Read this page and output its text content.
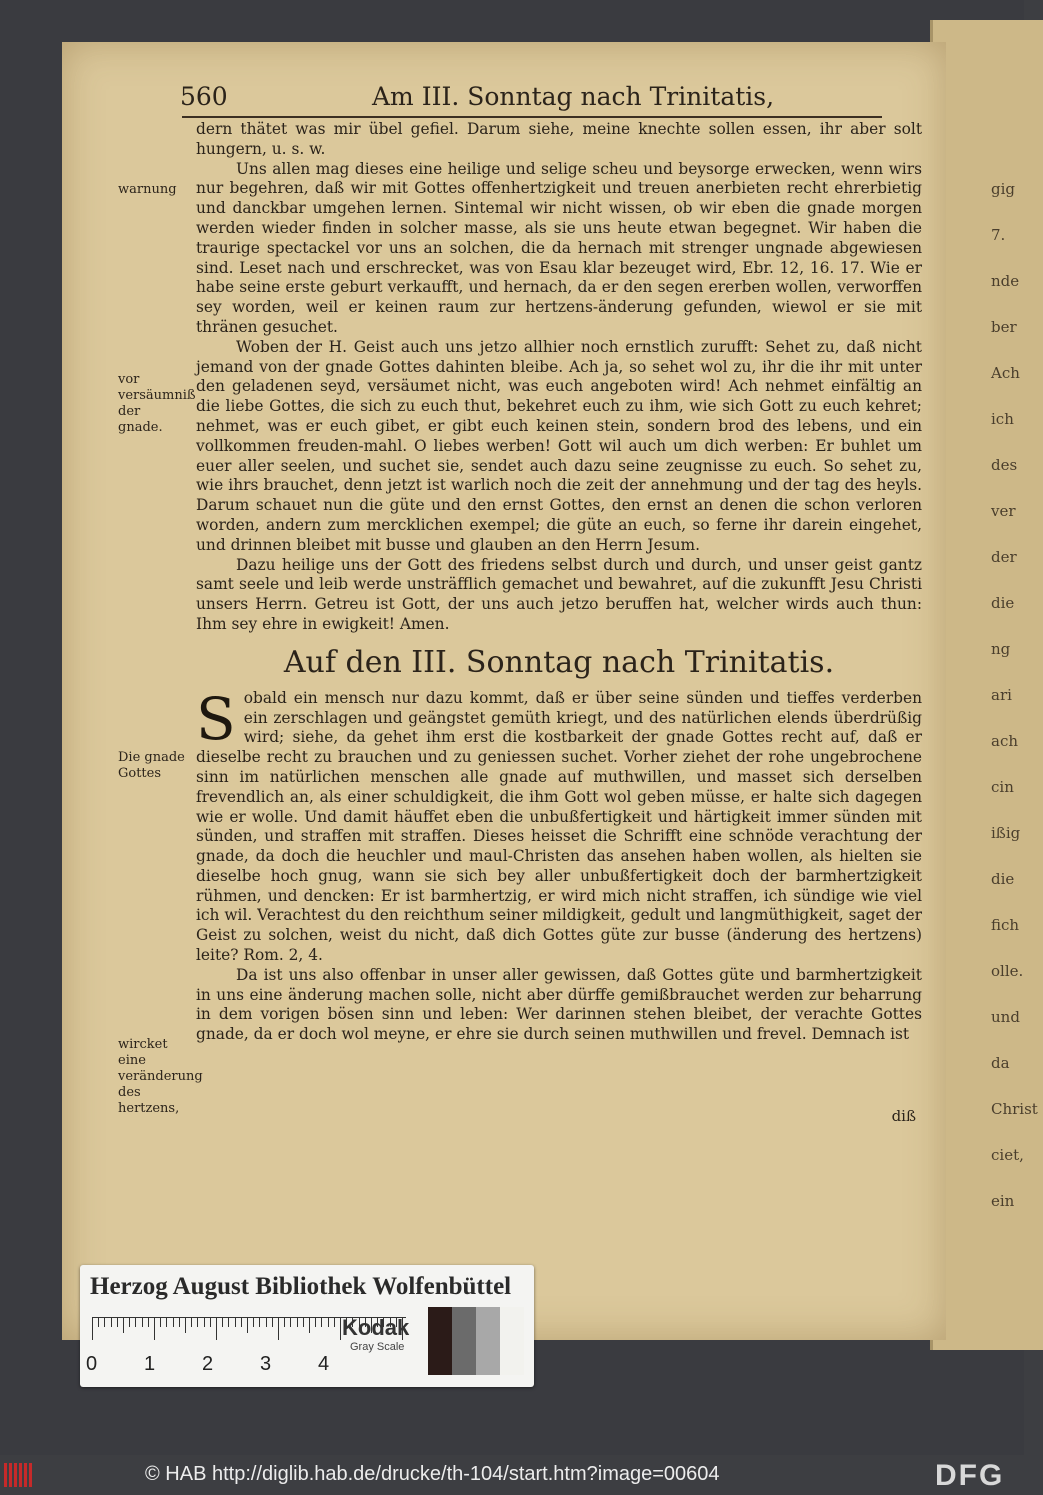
gig
7.
nde
ber
Ach
ich
des
ver
der
die
ng
ari
ach
cin
ißig
die
fich
olle.
und
da
Christ
ciet,
ein
560	Am III. Sonntag nach Trinitatis,
warnung
vor versäumniß der gnade.
Die gnade Gottes
wircket eine veränderung des hertzens,

dern thätet was mir übel gefiel. Darum siehe, meine knechte sollen essen, ihr aber solt hungern, u. s. w.

Uns allen mag dieses eine heilige und selige scheu und beysorge erwecken, wenn wirs nur begehren, daß wir mit Gottes offenhertzigkeit und treuen anerbieten recht ehrerbietig und danckbar umgehen lernen. Sintemal wir nicht wissen, ob wir eben die gnade morgen werden wieder finden in solcher masse, als sie uns heute etwan begegnet. Wir haben die traurige spectackel vor uns an solchen, die da hernach mit strenger ungnade abgewiesen sind. Leset nach und erschrecket, was von Esau klar bezeuget wird, Ebr. 12, 16. 17. Wie er habe seine erste geburt verkaufft, und hernach, da er den segen ererben wollen, verworffen sey worden, weil er keinen raum zur hertzens-änderung gefunden, wiewol er sie mit thränen gesuchet.

Woben der H. Geist auch uns jetzo allhier noch ernstlich zurufft: Sehet zu, daß nicht jemand von der gnade Gottes dahinten bleibe. Ach ja, so sehet wol zu, ihr die ihr mit unter den geladenen seyd, versäumet nicht, was euch angeboten wird! Ach nehmet einfältig an die liebe Gottes, die sich zu euch thut, bekehret euch zu ihm, wie sich Gott zu euch kehret; nehmet, was er euch gibet, er gibt euch keinen stein, sondern brod des lebens, und ein vollkommen freuden-mahl. O liebes werben! Gott wil auch um dich werben: Er buhlet um euer aller seelen, und suchet sie, sendet auch dazu seine zeugnisse zu euch. So sehet zu, wie ihrs brauchet, denn jetzt ist warlich noch die zeit der annehmung und der tag des heyls. Darum schauet nun die güte und den ernst Gottes, den ernst an denen die schon verloren worden, andern zum mercklichen exempel; die güte an euch, so ferne ihr darein eingehet, und drinnen bleibet mit busse und glauben an den Herrn Jesum.

Dazu heilige uns der Gott des friedens selbst durch und durch, und unser geist gantz samt seele und leib werde unsträfflich gemachet und bewahret, auf die zukunfft Jesu Christi unsers Herrn. Getreu ist Gott, der uns auch jetzo beruffen hat, welcher wirds auch thun: Ihm sey ehre in ewigkeit! Amen.

Auf den III. Sonntag nach Trinitatis.

Sobald ein mensch nur dazu kommt, daß er über seine sünden und tieffes verderben ein zerschlagen und geängstet gemüth kriegt, und des natürlichen elends überdrüßig wird; siehe, da gehet ihm erst die kostbarkeit der gnade Gottes recht auf, daß er dieselbe recht zu brauchen und zu geniessen suchet. Vorher ziehet der rohe ungebrochene sinn im natürlichen menschen alle gnade auf muthwillen, und masset sich derselben frevendlich an, als einer schuldigkeit, die ihm Gott wol geben müsse, er halte sich dagegen wie er wolle. Und damit häuffet eben die unbußfertigkeit und härtigkeit immer sünden mit sünden, und straffen mit straffen. Dieses heisset die Schrifft eine schnöde verachtung der gnade, da doch die heuchler und maul-Christen das ansehen haben wollen, als hielten sie dieselbe hoch gnug, wann sie sich bey aller unbußfertigkeit doch der barmhertzigkeit rühmen, und dencken: Er ist barmhertzig, er wird mich nicht straffen, ich sündige wie viel ich wil. Verachtest du den reichthum seiner mildigkeit, gedult und langmüthigkeit, saget der Geist zu solchen, weist du nicht, daß dich Gottes güte zur busse (änderung des hertzens) leite? Rom. 2, 4.

Da ist uns also offenbar in unser aller gewissen, daß Gottes güte und barmhertzigkeit in uns eine änderung machen solle, nicht aber dürffe gemißbrauchet werden zur beharrung in dem vorigen bösen sinn und leben: Wer darinnen stehen bleibet, der verachte Gottes gnade, da er doch wol meyne, er ehre sie durch seinen muthwillen und frevel. Demnach ist

diß
Herzog August Bibliothek Wolfenbüttel
0 1 2 3 4
Kodak
Gray Scale
© HAB http://diglib.hab.de/drucke/th-104/start.htm?image=00604	DFG
